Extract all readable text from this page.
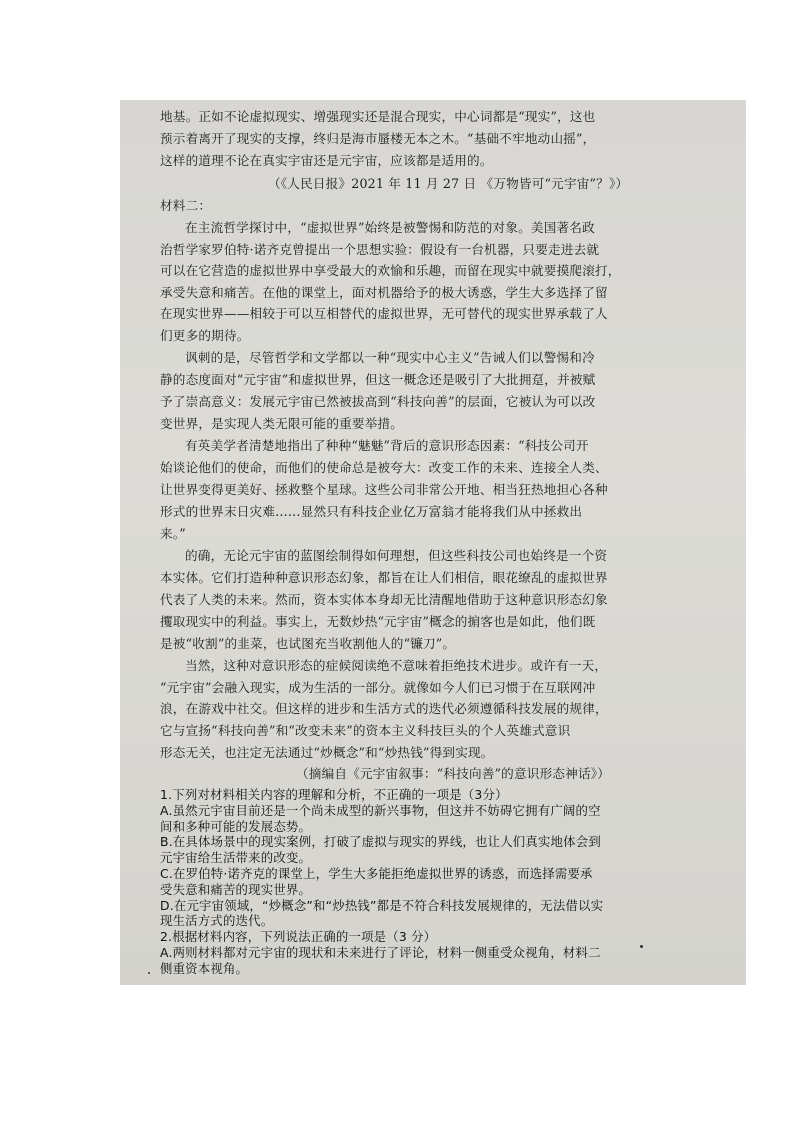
地基。正如不论虚拟现实、增强现实还是混合现实，中心词都是“现实”，这也
预示着离开了现实的支撑，终归是海市蜃楼无本之木。“基础不牢地动山摇”，
这样的道理不论在真实宇宙还是元宇宙，应该都是适用的。
（《人民日报》2021 年 11 月 27 日 《万物皆可“元宇宙”？》）
材料二：
在主流哲学探讨中，“虚拟世界”始终是被警惕和防范的对象。美国著名政
治哲学家罗伯特·诺齐克曾提出一个思想实验：假设有一台机器，只要走进去就
可以在它营造的虚拟世界中享受最大的欢愉和乐趣，而留在现实中就要摸爬滚打，
承受失意和痛苦。在他的课堂上，面对机器给予的极大诱惑，学生大多选择了留
在现实世界——相较于可以互相替代的虚拟世界，无可替代的现实世界承载了人
们更多的期待。
讽刺的是，尽管哲学和文学都以一种“现实中心主义”告诫人们以警惕和冷
静的态度面对“元宇宙”和虚拟世界，但这一概念还是吸引了大批拥趸，并被赋
予了崇高意义：发展元宇宙已然被拔高到“科技向善”的层面，它被认为可以改
变世界，是实现人类无限可能的重要举措。
有英美学者清楚地指出了种种“魅魅”背后的意识形态因素：“科技公司开
始谈论他们的使命，而他们的使命总是被夸大：改变工作的未来、连接全人类、
让世界变得更美好、拯救整个星球。这些公司非常公开地、相当狂热地担心各种
形式的世界末日灾难……显然只有科技企业亿万富翁才能将我们从中拯救出
来。”
的确，无论元宇宙的蓝图绘制得如何理想，但这些科技公司也始终是一个资
本实体。它们打造种种意识形态幻象，都旨在让人们相信，眼花缭乱的虚拟世界
代表了人类的未来。然而，资本实体本身却无比清醒地借助于这种意识形态幻象
攫取现实中的利益。事实上，无数炒热“元宇宙”概念的掮客也是如此，他们既
是被“收割”的韭菜，也试图充当收割他人的“镰刀”。
当然，这种对意识形态的症候阅读绝不意味着拒绝技术进步。或许有一天，
“元宇宙”会融入现实，成为生活的一部分。就像如今人们已习惯于在互联网冲
浪，在游戏中社交。但这样的进步和生活方式的迭代必须遵循科技发展的规律，
它与宣扬“科技向善”和“改变未来”的资本主义科技巨头的个人英雄式意识
形态无关，也注定无法通过“炒概念”和“炒热钱”得到实现。
（摘编自《元宇宙叙事：“科技向善”的意识形态神话》）
1.下列对材料相关内容的理解和分析，不正确的一项是（3分）
A.虽然元宇宙目前还是一个尚未成型的新兴事物，但这并不妨碍它拥有广阔的空
间和多种可能的发展态势。
B.在具体场景中的现实案例，打破了虚拟与现实的界线，也让人们真实地体会到
元宇宙给生活带来的改变。
C.在罗伯特·诺齐克的课堂上，学生大多能拒绝虚拟世界的诱惑，而选择需要承
受失意和痛苦的现实世界。
D.在元宇宙领域，“炒概念”和“炒热钱”都是不符合科技发展规律的，无法借以实
现生活方式的迭代。
2.根据材料内容，下列说法正确的一项是（3 分）
A.两则材料都对元宇宙的现状和未来进行了评论，材料一侧重受众视角，材料二
侧重资本视角。
